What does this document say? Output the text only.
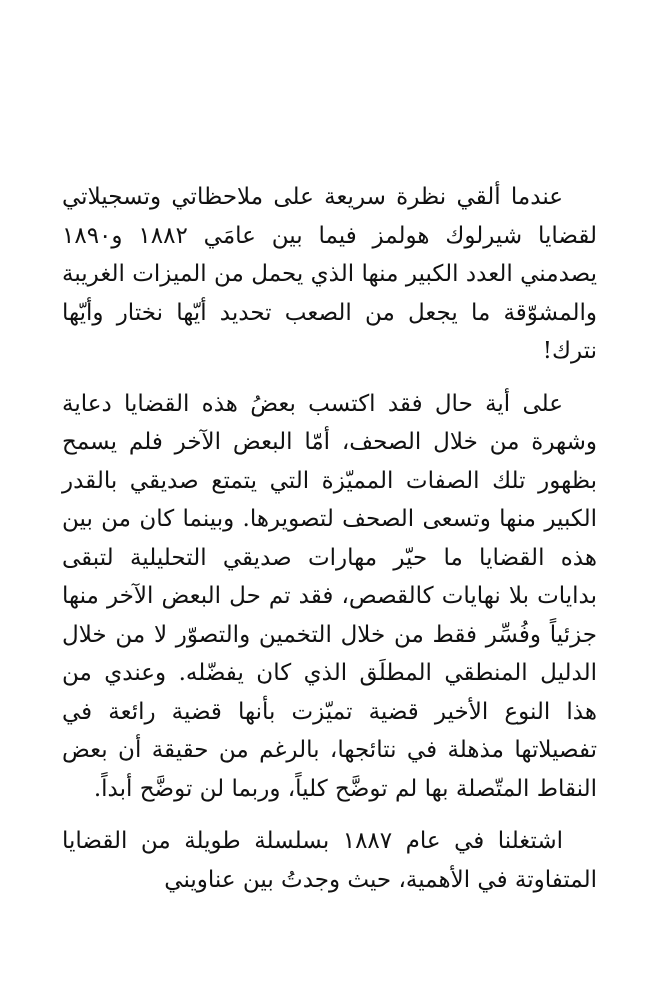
عندما ألقي نظرة سريعة على ملاحظاتي وتسجيلاتي لقضايا شيرلوك هولمز فيما بين عامَي ١٨٨٢ و١٨٩٠ يصدمني العدد الكبير منها الذي يحمل من الميزات الغريبة والمشوّقة ما يجعل من الصعب تحديد أيّها نختار وأيّها نترك!

على أية حال فقد اكتسب بعضُ هذه القضايا دعاية وشهرة من خلال الصحف، أمّا البعض الآخر فلم يسمح بظهور تلك الصفات المميّزة التي يتمتع صديقي بالقدر الكبير منها وتسعى الصحف لتصويرها. وبينما كان من بين هذه القضايا ما حيّر مهارات صديقي التحليلية لتبقى بدايات بلا نهايات كالقصص، فقد تم حل البعض الآخر منها جزئياً وفُسِّر فقط من خلال التخمين والتصوّر لا من خلال الدليل المنطقي المطلَق الذي كان يفضّله. وعندي من هذا النوع الأخير قضية تميّزت بأنها قضية رائعة في تفصيلاتها مذهلة في نتائجها، بالرغم من حقيقة أن بعض النقاط المتّصلة بها لم توضَّح كلياً، وربما لن توضَّح أبداً.

اشتغلنا في عام ١٨٨٧ بسلسلة طويلة من القضايا المتفاوتة في الأهمية، حيث وجدتُ بين عناويني
